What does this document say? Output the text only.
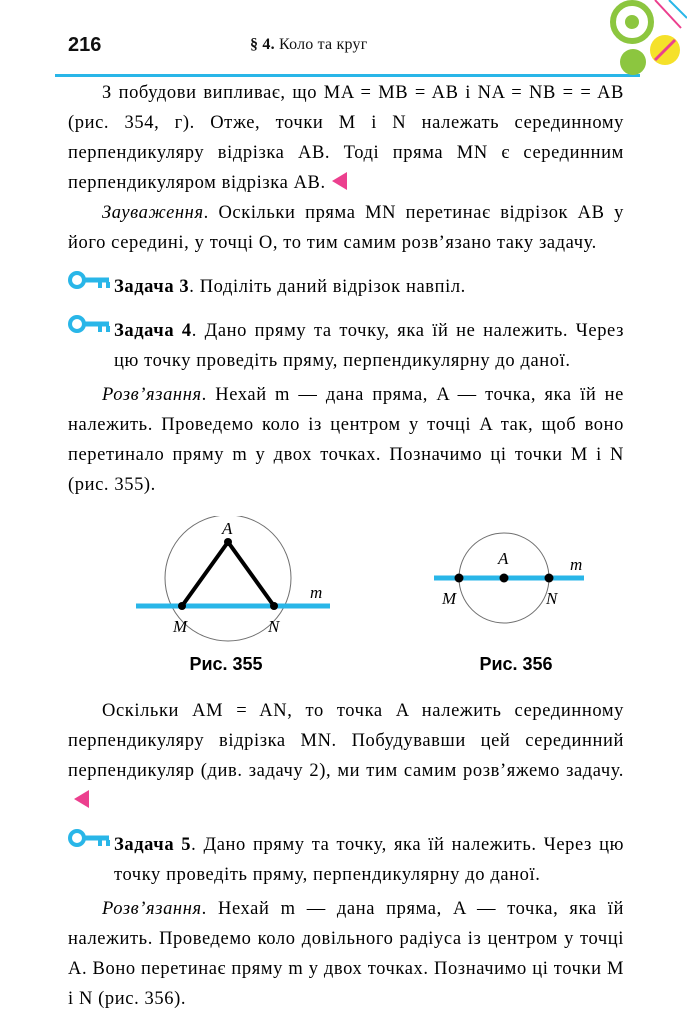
216	§ 4. Коло та круг

З побудови випливає, що MA = MB = AB і NA = NB = = AB (рис. 354, г). Отже, точки M і N належать серединному перпендикуляру відрізка AB. Тоді пряма MN є серединним перпендикуляром відрізка AB.

Зауваження. Оскільки пряма MN перетинає відрізок AB у його середині, у точці O, то тим самим розв’язано таку задачу.

Задача 3. Поділіть даний відрізок навпіл.
Задача 4. Дано пряму та точку, яка їй не належить. Через цю точку проведіть пряму, перпендикулярну до даної.

Розв’язання. Нехай m — дана пряма, A — точка, яка їй не належить. Проведемо коло із центром у точці A так, щоб воно перетинало пряму m у двох точках. Позначимо ці точки M і N (рис. 355).

A
M	N
m
A
M	N
m
Рис. 355	Рис. 356

Оскільки AM = AN, то точка A належить серединному перпендикуляру відрізка MN. Побудувавши цей серединний перпендикуляр (див. задачу 2), ми тим самим розв’яжемо задачу.

Задача 5. Дано пряму та точку, яка їй належить. Через цю точку проведіть пряму, перпендикулярну до даної.

Розв’язання. Нехай m — дана пряма, A — точка, яка їй належить. Проведемо коло довільного радіуса із центром у точці A. Воно перетинає пряму m у двох точках. Позначимо ці точки M і N (рис. 356).
